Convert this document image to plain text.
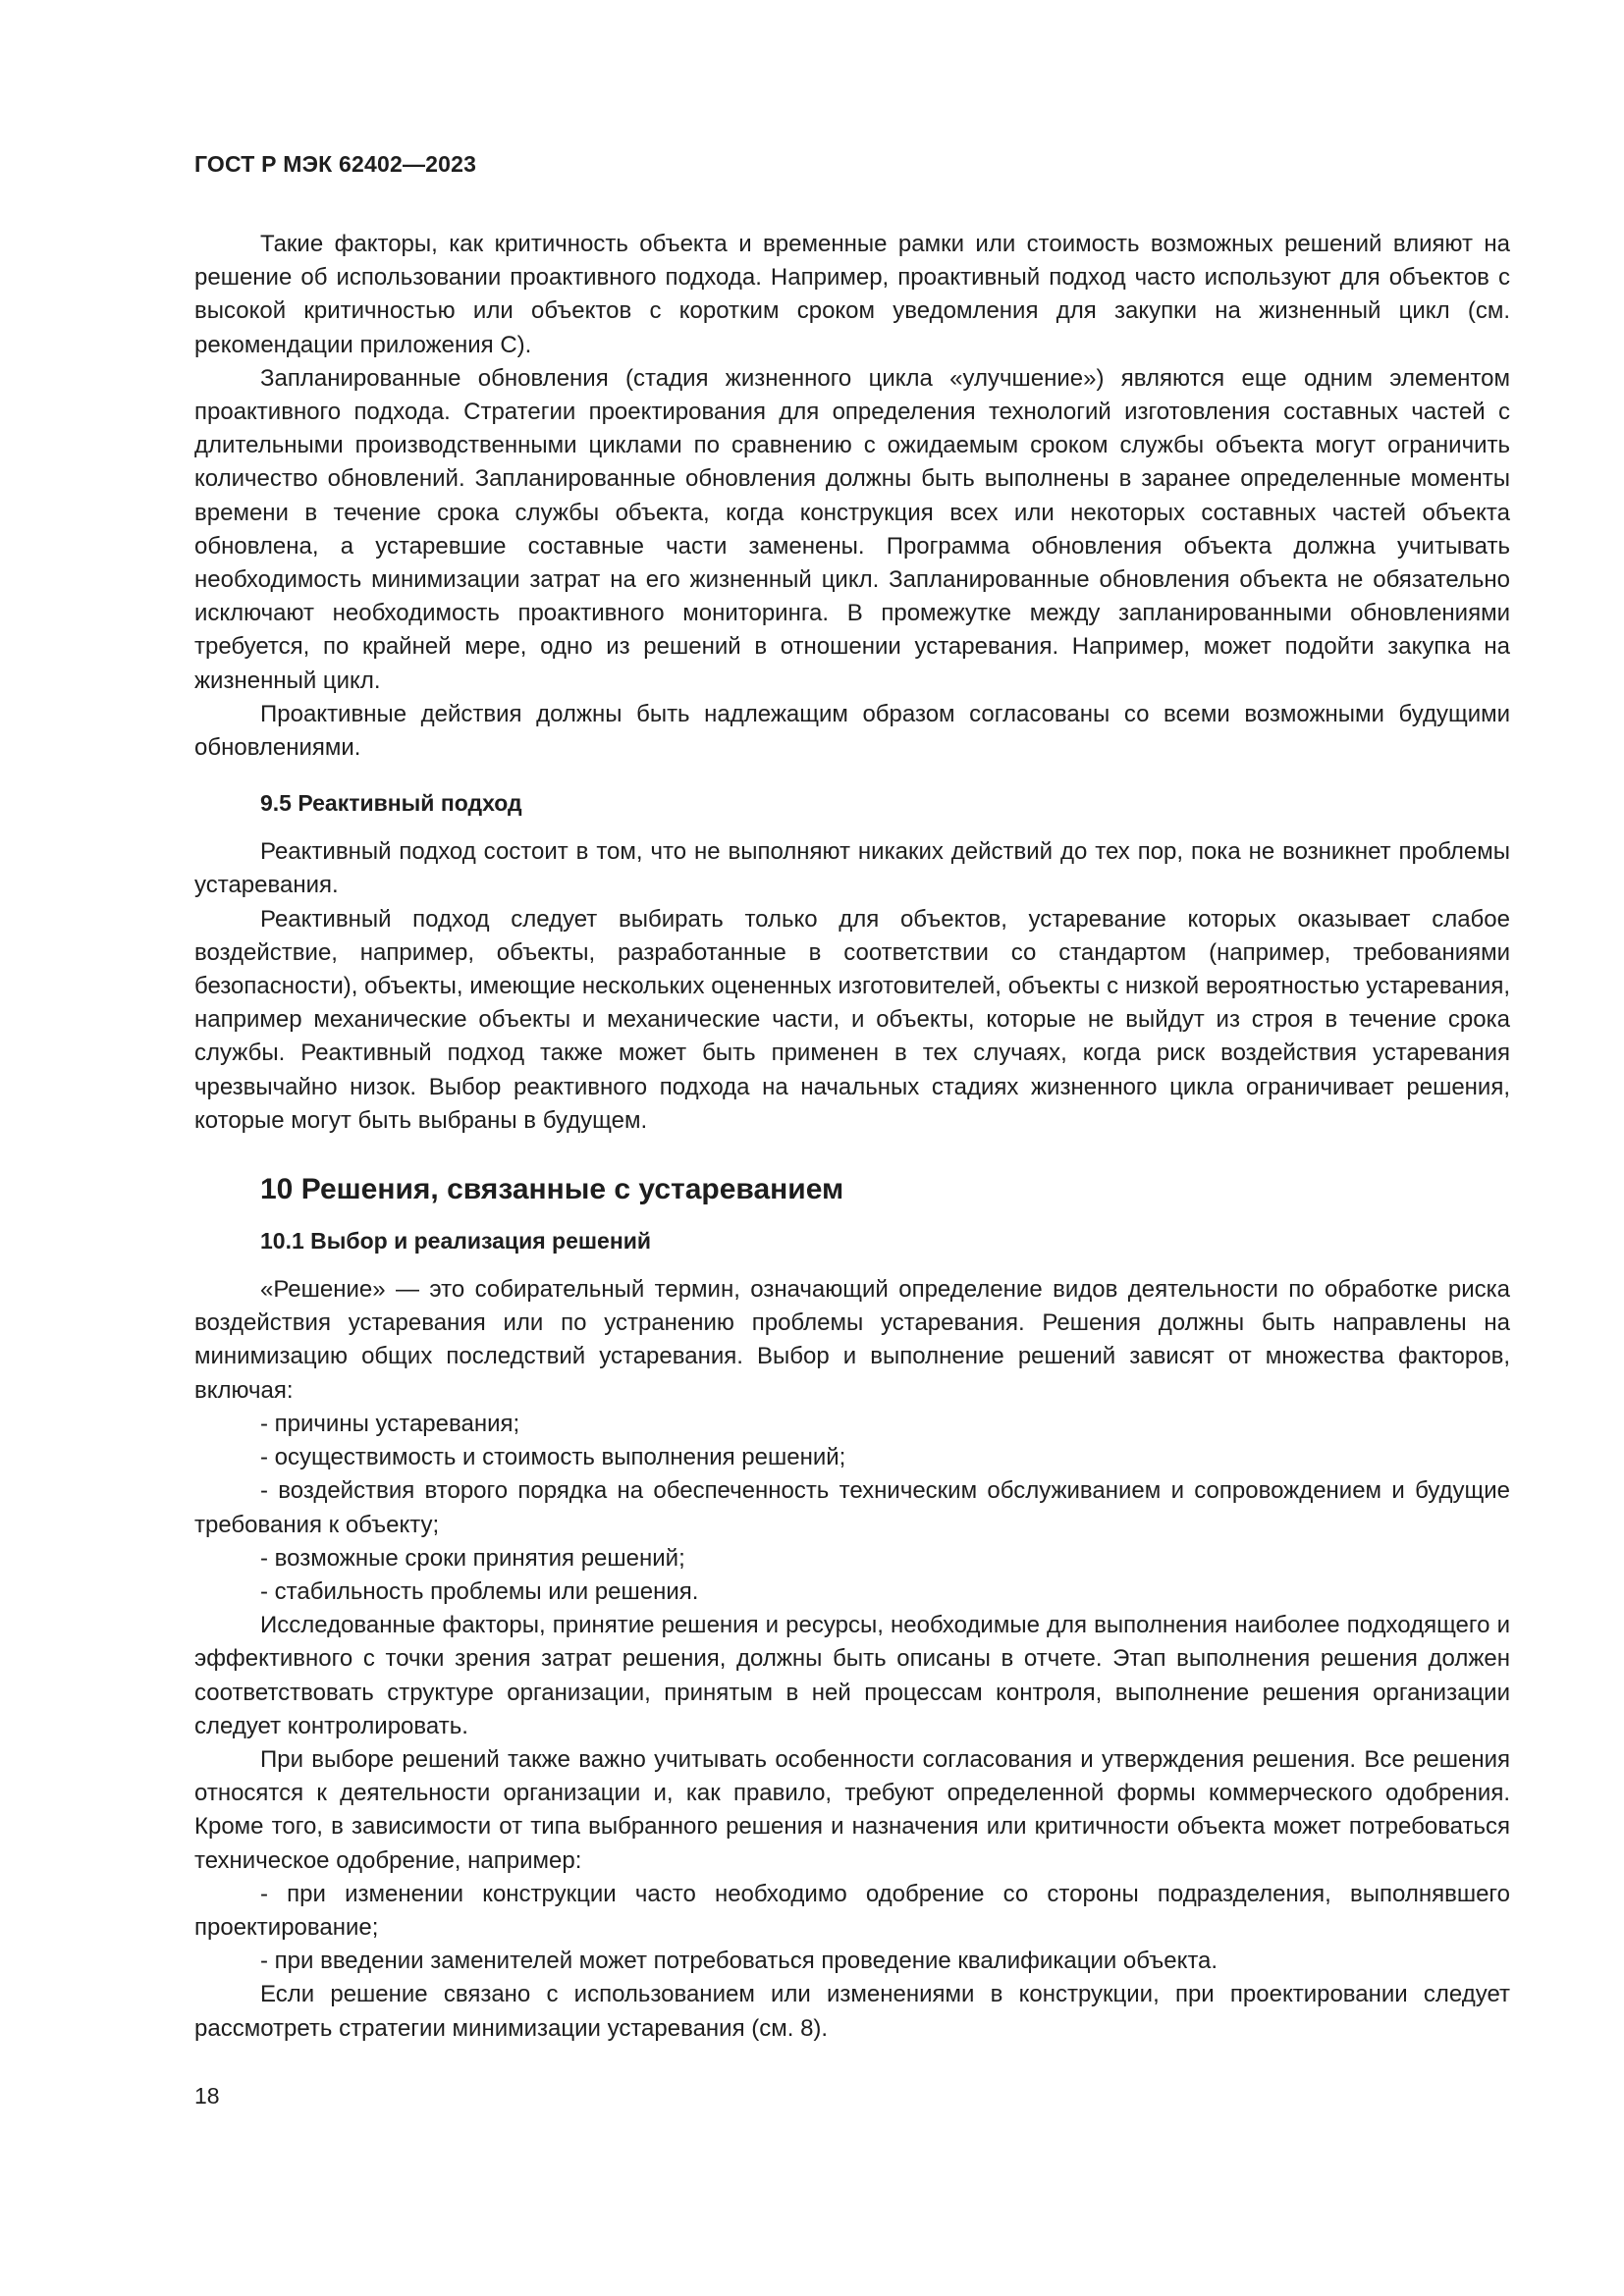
ГОСТ Р МЭК 62402—2023

Такие факторы, как критичность объекта и временные рамки или стоимость возможных решений влияют на решение об использовании проактивного подхода. Например, проактивный подход часто используют для объектов с высокой критичностью или объектов с коротким сроком уведомления для закупки на жизненный цикл (см. рекомендации приложения С).

Запланированные обновления (стадия жизненного цикла «улучшение») являются еще одним элементом проактивного подхода. Стратегии проектирования для определения технологий изготовления составных частей с длительными производственными циклами по сравнению с ожидаемым сроком службы объекта могут ограничить количество обновлений. Запланированные обновления должны быть выполнены в заранее определенные моменты времени в течение срока службы объекта, когда конструкция всех или некоторых составных частей объекта обновлена, а устаревшие составные части заменены. Программа обновления объекта должна учитывать необходимость минимизации затрат на его жизненный цикл. Запланированные обновления объекта не обязательно исключают необходимость проактивного мониторинга. В промежутке между запланированными обновлениями требуется, по крайней мере, одно из решений в отношении устаревания. Например, может подойти закупка на жизненный цикл.

Проактивные действия должны быть надлежащим образом согласованы со всеми возможными будущими обновлениями.

9.5 Реактивный подход

Реактивный подход состоит в том, что не выполняют никаких действий до тех пор, пока не возникнет проблемы устаревания.

Реактивный подход следует выбирать только для объектов, устаревание которых оказывает слабое воздействие, например, объекты, разработанные в соответствии со стандартом (например, требованиями безопасности), объекты, имеющие нескольких оцененных изготовителей, объекты с низкой вероятностью устаревания, например механические объекты и механические части, и объекты, которые не выйдут из строя в течение срока службы. Реактивный подход также может быть применен в тех случаях, когда риск воздействия устаревания чрезвычайно низок. Выбор реактивного подхода на начальных стадиях жизненного цикла ограничивает решения, которые могут быть выбраны в будущем.

10 Решения, связанные с устареванием
10.1 Выбор и реализация решений

«Решение» — это собирательный термин, означающий определение видов деятельности по обработке риска воздействия устаревания или по устранению проблемы устаревания. Решения должны быть направлены на минимизацию общих последствий устаревания. Выбор и выполнение решений зависят от множества факторов, включая:

- причины устаревания;

- осуществимость и стоимость выполнения решений;

- воздействия второго порядка на обеспеченность техническим обслуживанием и сопровождением и будущие требования к объекту;

- возможные сроки принятия решений;

- стабильность проблемы или решения.

Исследованные факторы, принятие решения и ресурсы, необходимые для выполнения наиболее подходящего и эффективного с точки зрения затрат решения, должны быть описаны в отчете. Этап выполнения решения должен соответствовать структуре организации, принятым в ней процессам контроля, выполнение решения организации следует контролировать.

При выборе решений также важно учитывать особенности согласования и утверждения решения. Все решения относятся к деятельности организации и, как правило, требуют определенной формы коммерческого одобрения. Кроме того, в зависимости от типа выбранного решения и назначения или критичности объекта может потребоваться техническое одобрение, например:

- при изменении конструкции часто необходимо одобрение со стороны подразделения, выполнявшего проектирование;

- при введении заменителей может потребоваться проведение квалификации объекта.

Если решение связано с использованием или изменениями в конструкции, при проектировании следует рассмотреть стратегии минимизации устаревания (см. 8).

18
